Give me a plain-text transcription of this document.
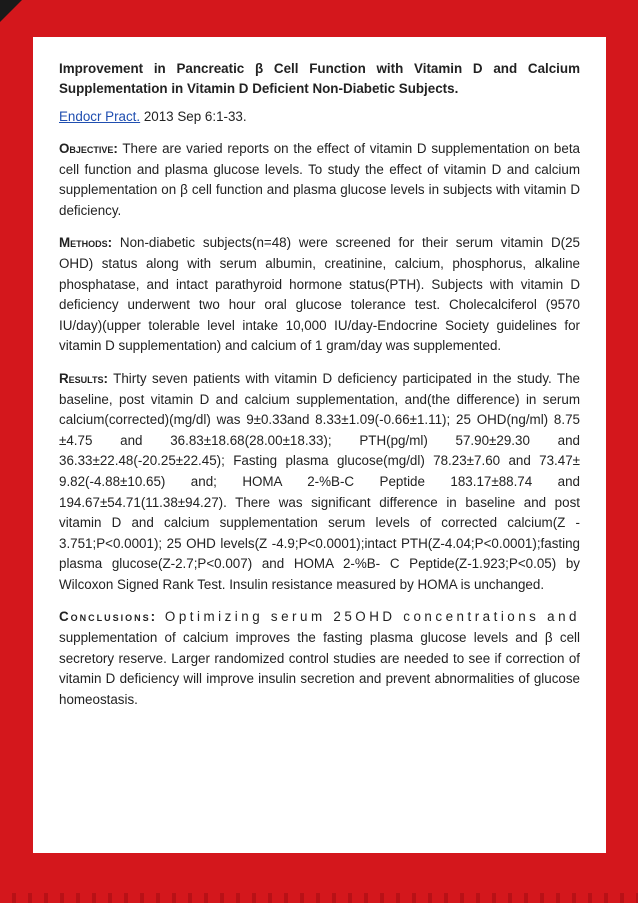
Improvement in Pancreatic β Cell Function with Vitamin D and Calcium Supplementation in Vitamin D Deficient Non-Diabetic Subjects.

Endocr Pract. 2013 Sep 6:1-33.

Objective: There are varied reports on the effect of vitamin D supplementation on beta cell function and plasma glucose levels. To study the effect of vitamin D and calcium supplementation on β cell function and plasma glucose levels in subjects with vitamin D deficiency.

Methods: Non-diabetic subjects(n=48) were screened for their serum vitamin D(25 OHD) status along with serum albumin, creatinine, calcium, phosphorus, alkaline phosphatase, and intact parathyroid hormone status(PTH). Subjects with vitamin D deficiency underwent two hour oral glucose tolerance test. Cholecalciferol (9570 IU/day)(upper tolerable level intake 10,000 IU/day-Endocrine Society guidelines for vitamin D supplementation) and calcium of 1 gram/day was supplemented.

Results: Thirty seven patients with vitamin D deficiency participated in the study. The baseline, post vitamin D and calcium supplementation, and(the difference) in serum calcium(corrected)(mg/dl) was 9±0.33and 8.33±1.09(-0.66±1.11); 25 OHD(ng/ml) 8.75 ±4.75 and 36.83±18.68(28.00±18.33); PTH(pg/ml) 57.90±29.30 and 36.33±22.48(-20.25±22.45); Fasting plasma glucose(mg/dl) 78.23±7.60 and 73.47± 9.82(-4.88±10.65) and; HOMA 2-%B-C Peptide 183.17±88.74 and 194.67±54.71(11.38±94.27). There was significant difference in baseline and post vitamin D and calcium supplementation serum levels of corrected calcium(Z - 3.751;P<0.0001); 25 OHD levels(Z -4.9;P<0.0001);intact PTH(Z-4.04;P<0.0001);fasting plasma glucose(Z-2.7;P<0.007) and HOMA 2-%B- C Peptide(Z-1.923;P<0.05) by Wilcoxon Signed Rank Test. Insulin resistance measured by HOMA is unchanged.

Conclusions: Optimizing serum 25OHD concentrations and supplementation of calcium improves the fasting plasma glucose levels and β cell secretory reserve. Larger randomized control studies are needed to see if correction of vitamin D deficiency will improve insulin secretion and prevent abnormalities of glucose homeostasis.
